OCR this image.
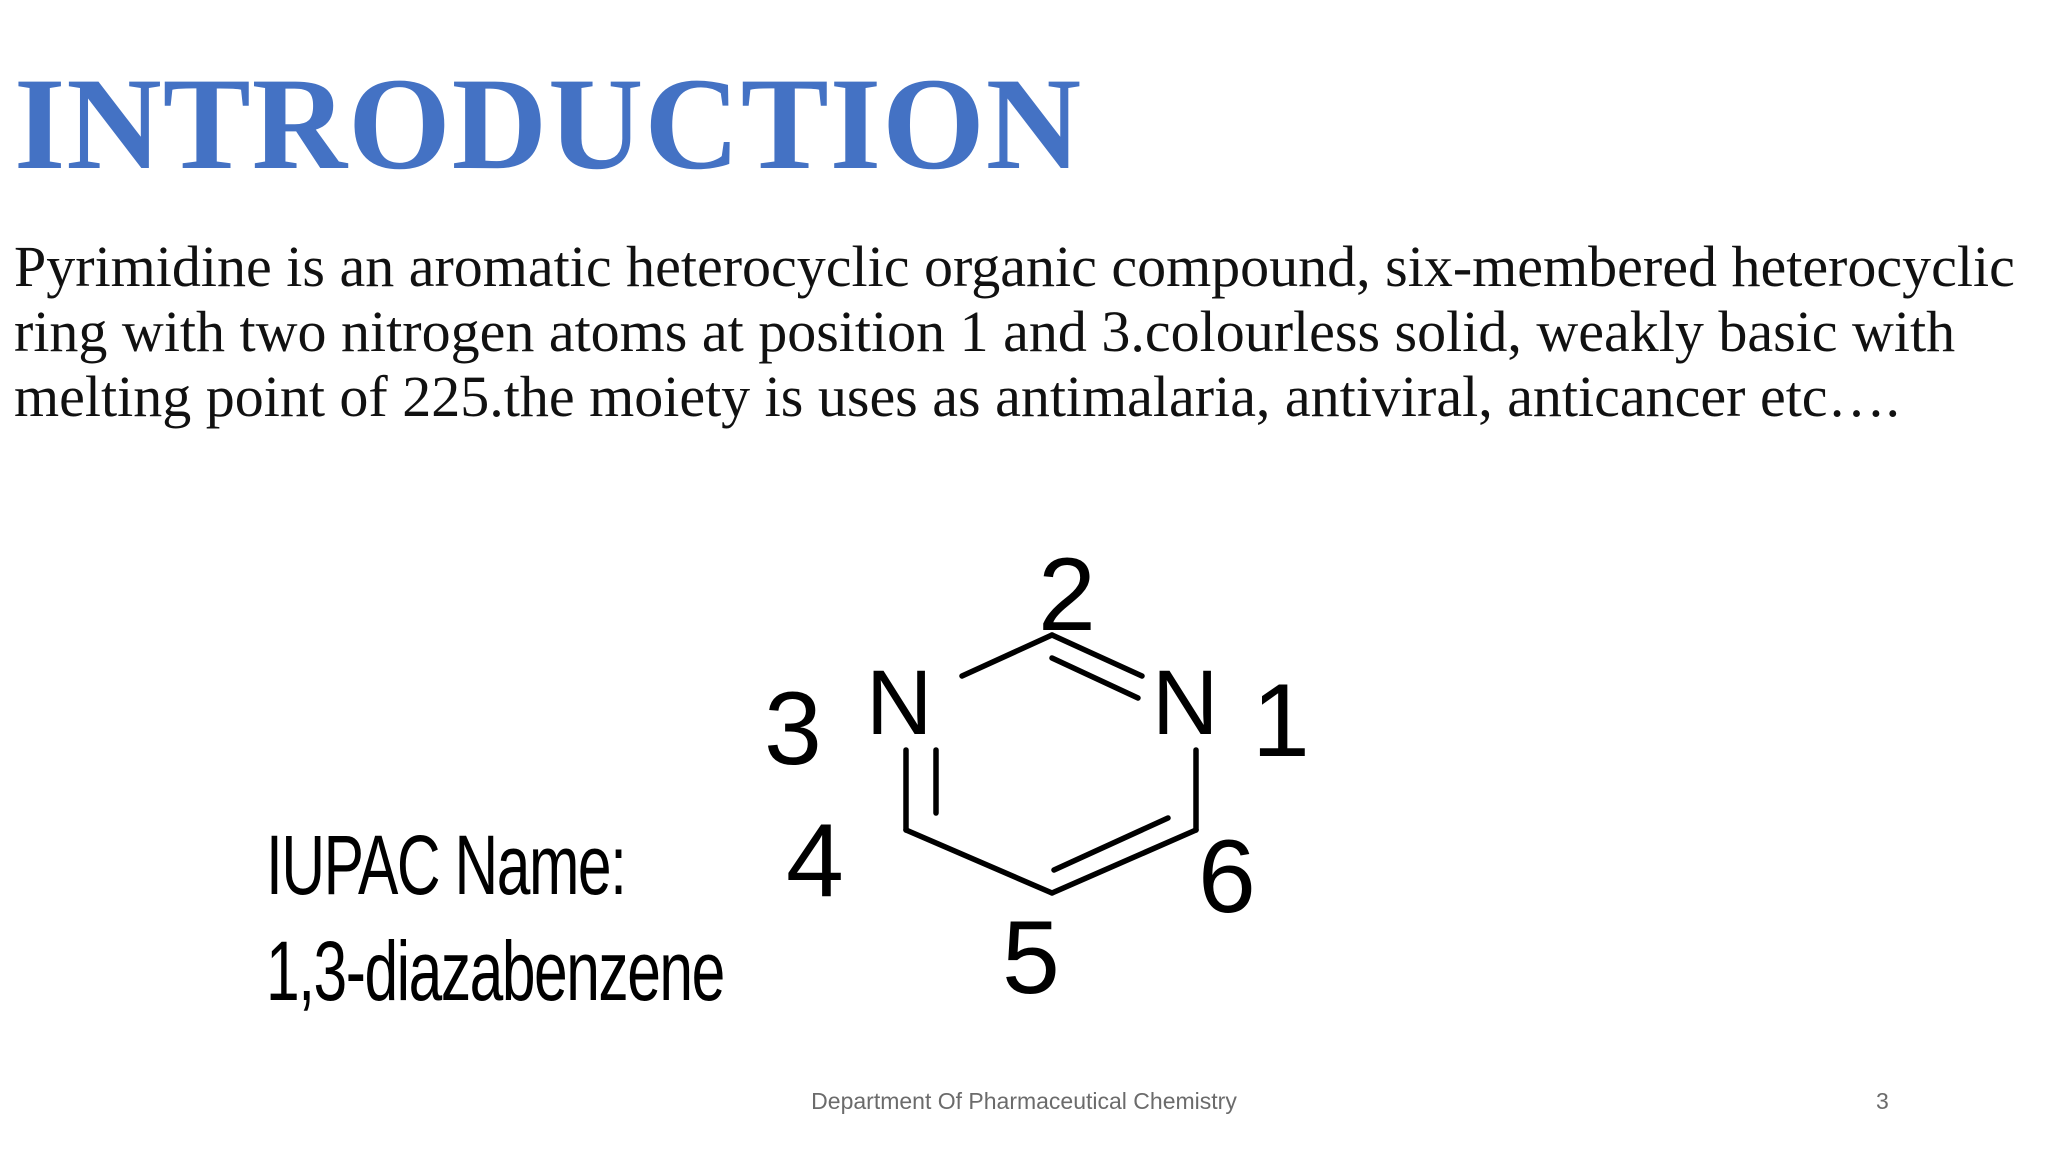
INTRODUCTION

Pyrimidine is an aromatic heterocyclic organic compound, six-membered heterocyclic ring with two nitrogen atoms at position 1 and 3.colourless solid, weakly basic with melting point of 225.the moiety is uses as antimalaria, antiviral, anticancer etc….

IUPAC Name:
1,3-diazabenzene
N N
2
1
3
4	6
5
Department Of Pharmaceutical Chemistry	3
